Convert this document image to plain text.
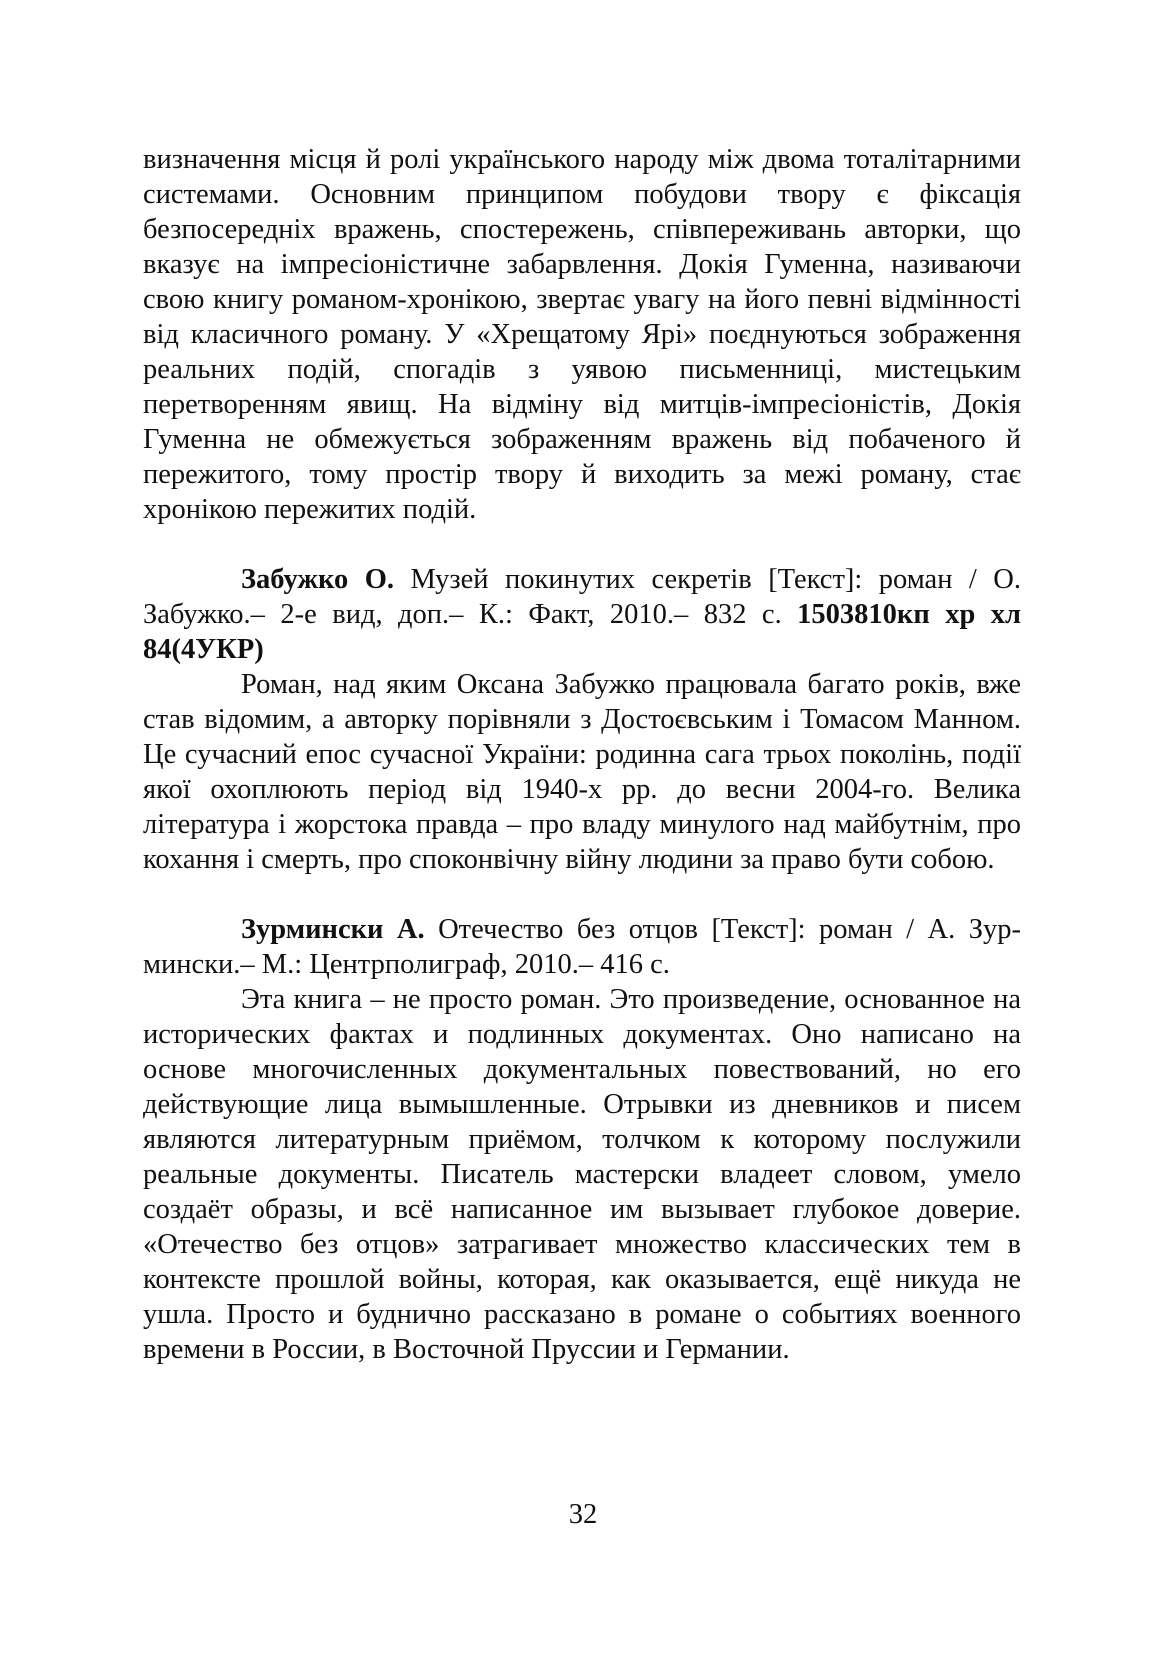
визначення місця й ролі українського народу між двома тоталітарними системами. Основним принципом побудови твору є фіксація безпосередніх вражень, спостережень, співпереживань авторки, що вказує на імпресіоністичне забарвлення. Докія Гуменна, називаючи свою книгу романом-хронікою, звертає увагу на його певні відмінності від класичного роману. У «Хрещатому Ярі» поєднуються зображення реальних подій, спогадів з уявою письменниці, мистецьким перетворенням явищ. На відміну від митців-імпресіоністів, Докія Гуменна не обмежується зображенням вражень від побаченого й пережитого, тому простір твору й виходить за межі роману, стає хронікою пережитих подій.

Забужко О. Музей покинутих секретів [Текст]: роман / О. Забужко.– 2-е вид, доп.– К.: Факт, 2010.– 832 с. 1503810кп хр хл 84(4УКР)

Роман, над яким Оксана Забужко працювала багато років, вже став відомим, а авторку порівняли з Достоєвським і Томасом Манном. Це сучасний епос сучасної України: родинна сага трьох поколінь, події якої охоплюють період від 1940-х рр. до весни 2004-го. Велика література і жорстока правда – про владу минулого над майбутнім, про кохання і смерть, про споконвічну війну людини за право бути собою.

Зурмински А. Отечество без отцов [Текст]: роман / А. Зурмински.– М.: Центрполиграф, 2010.– 416 с.

Эта книга – не просто роман. Это произведение, основанное на исторических фактах и подлинных документах. Оно написано на основе многочисленных документальных повествований, но его действующие лица вымышленные. Отрывки из дневников и писем являются литературным приёмом, толчком к которому послужили реальные документы. Писатель мастерски владеет словом, умело создаёт образы, и всё написанное им вызывает глубокое доверие. «Отечество без отцов» затрагивает множество классических тем в контексте прошлой войны, которая, как оказывается, ещё никуда не ушла. Просто и буднично рассказано в романе о событиях военного времени в России, в Восточной Пруссии и Германии.

32
